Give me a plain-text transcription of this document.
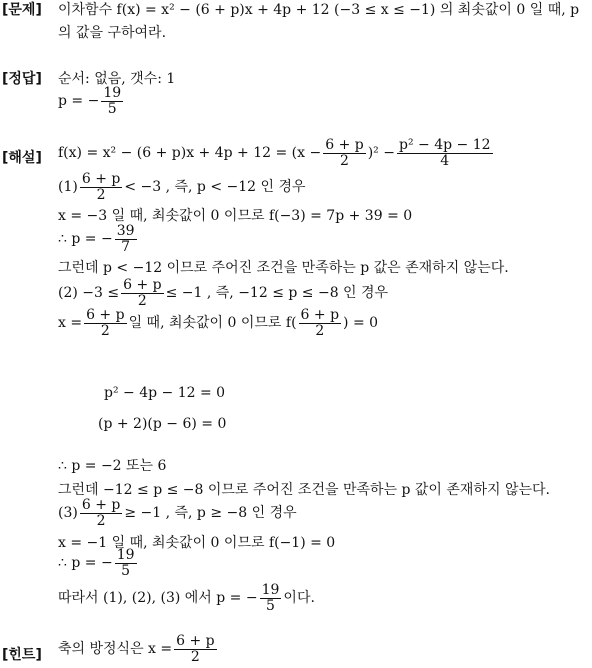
[문제] 이차함수 f(x) = x² − (6 + p)x + 4p + 12 (−3 ≤ x ≤ −1) 의 최솟값이 0 일 때, p
의 값을 구하여라.
[정답] 순서: 없음, 갯수: 1
p = − $\frac{19}{5}$
[해설] $f(x) = x^2 - (6 + p)x + 4p + 12 = (x - \frac{6 + p}{2} )^2 - \frac{\text{p² − 4p − 12}}{4}$
$(1) \frac{6 + p}{2} < -3$ , 즉, p < −12 인 경우
x = −3 일 때, 최솟값이 0 이므로 f(−3) = 7p + 39 = 0
∴ p = − $\frac{39}{7}$
그런데 p < −12 이므로 주어진 조건을 만족하는 p 값은 존재하지 않는다.
$(2) -3 \le \frac{6 + p}{2} \le -1$ , 즉, −12 ≤ p ≤ −8 인 경우
$x = \frac{6 + p}{2}$ 일 때, 최솟값이 0 이므로 $f( \frac{6 + p}{2}$ ) = 0
p² − 4p − 12 = 0
(p + 2)(p − 6) = 0
∴ p = −2 또는 6
그런데 −12 ≤ p ≤ −8 이므로 주어진 조건을 만족하는 p 값이 존재하지 않는다.
$(3) \frac{6 + p}{2} \ge -1$ , 즉, p ≥ −8 인 경우
x = −1 일 때, 최솟값이 0 이므로 f(−1) = 0
∴ p = − $\frac{19}{5}$
따라서 (1), (2), (3) 에서 p = − $\frac{19}{5}$ 이다.
[힌트] 축의 방정식은 $x = \frac{6 + p}{2}$
